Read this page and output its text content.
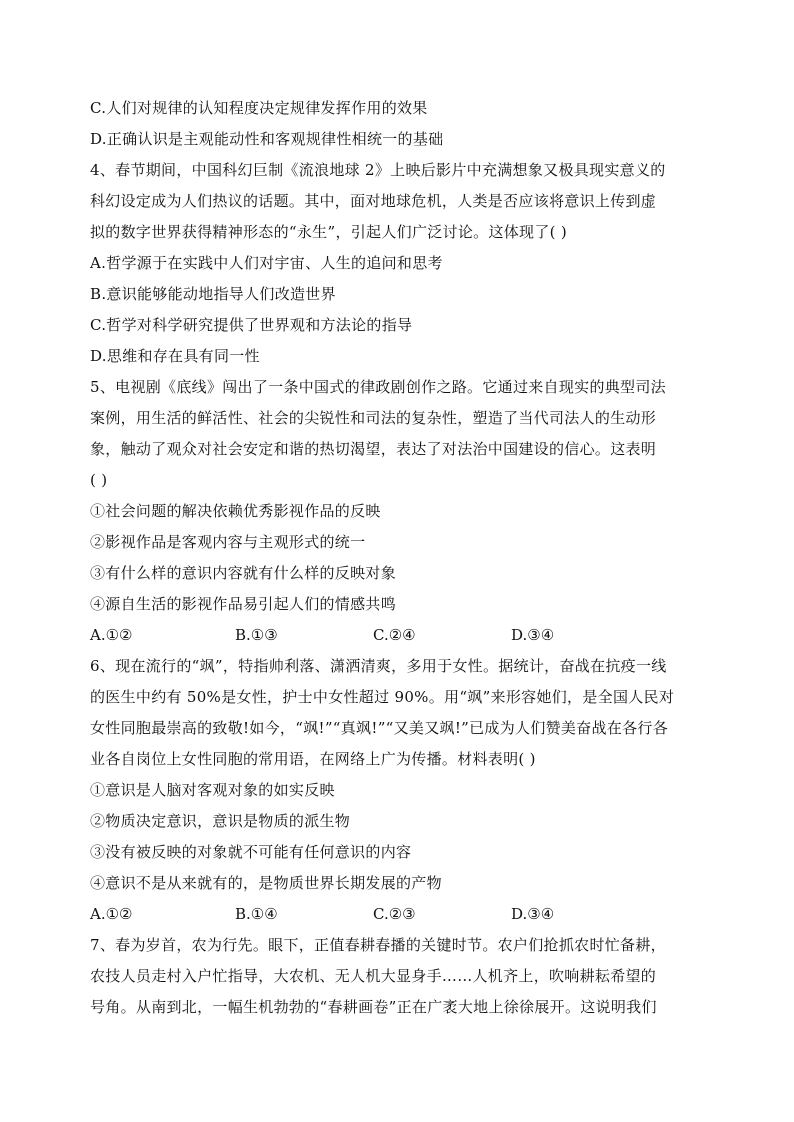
C.人们对规律的认知程度决定规律发挥作用的效果
D.正确认识是主观能动性和客观规律性相统一的基础
4、春节期间，中国科幻巨制《流浪地球 2》上映后影片中充满想象又极具现实意义的
科幻设定成为人们热议的话题。其中，面对地球危机，人类是否应该将意识上传到虚
拟的数字世界获得精神形态的“永生”，引起人们广泛讨论。这体现了( )
A.哲学源于在实践中人们对宇宙、人生的追问和思考
B.意识能够能动地指导人们改造世界
C.哲学对科学研究提供了世界观和方法论的指导
D.思维和存在具有同一性
5、电视剧《底线》闯出了一条中国式的律政剧创作之路。它通过来自现实的典型司法
案例，用生活的鲜活性、社会的尖锐性和司法的复杂性，塑造了当代司法人的生动形
象，触动了观众对社会安定和谐的热切渴望，表达了对法治中国建设的信心。这表明
( )
①社会问题的解决依赖优秀影视作品的反映
②影视作品是客观内容与主观形式的统一
③有什么样的意识内容就有什么样的反映对象
④源自生活的影视作品易引起人们的情感共鸣
A.①②	B.①③	C.②④	D.③④
6、现在流行的“飒”，特指帅利落、潇洒清爽，多用于女性。据统计，奋战在抗疫一线
的医生中约有 50%是女性，护士中女性超过 90%。用“飒”来形容她们，是全国人民对
女性同胞最崇高的致敬!如今，“飒!”“真飒!”“又美又飒!”已成为人们赞美奋战在各行各
业各自岗位上女性同胞的常用语，在网络上广为传播。材料表明( )
①意识是人脑对客观对象的如实反映
②物质决定意识，意识是物质的派生物
③没有被反映的对象就不可能有任何意识的内容
④意识不是从来就有的，是物质世界长期发展的产物
A.①②	B.①④	C.②③	D.③④
7、春为岁首，农为行先。眼下，正值春耕春播的关键时节。农户们抢抓农时忙备耕，
农技人员走村入户忙指导，大农机、无人机大显身手……人机齐上，吹响耕耘希望的
号角。从南到北，一幅生机勃勃的“春耕画卷”正在广袤大地上徐徐展开。这说明我们
